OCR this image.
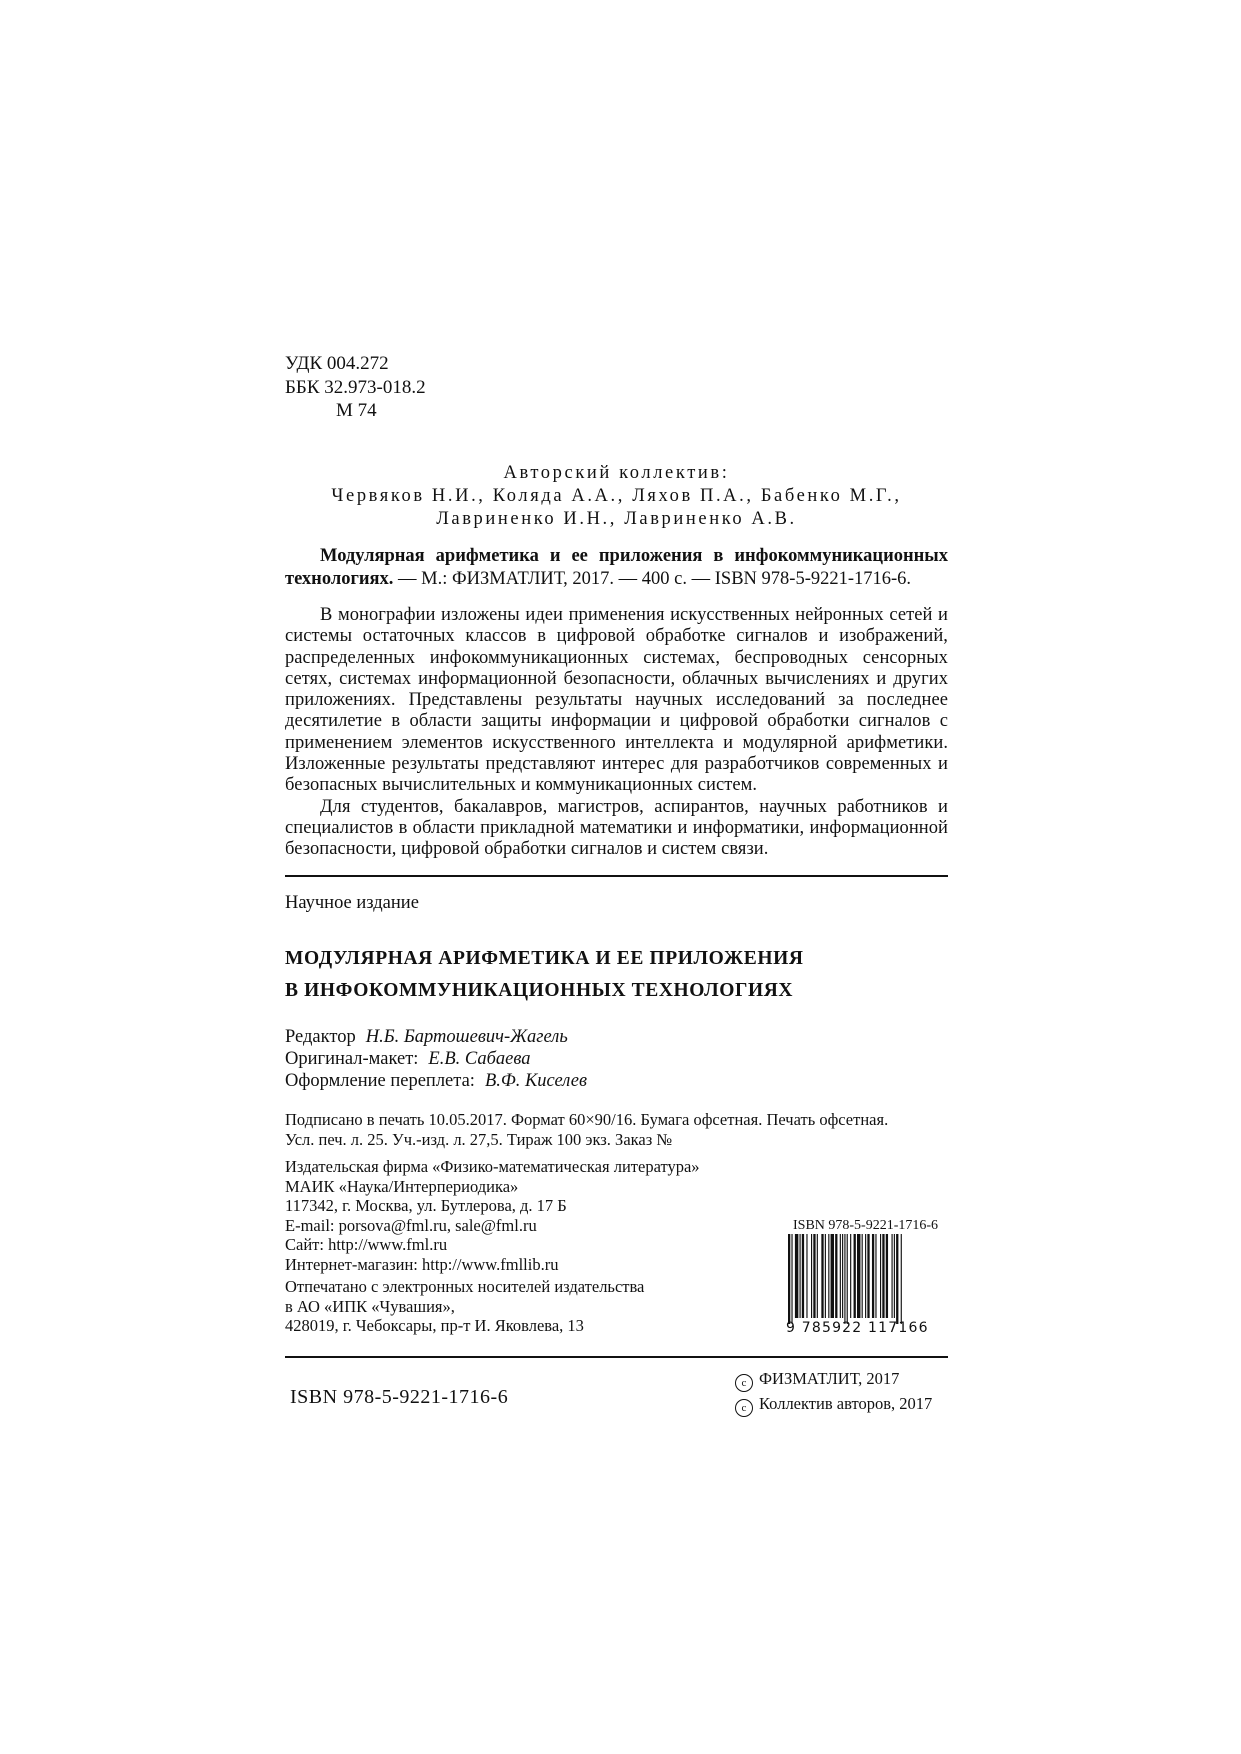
УДК 004.272
ББК 32.973-018.2
М 74
Авторский коллектив:
Червяков Н.И., Коляда А.А., Ляхов П.А., Бабенко М.Г.,
Лавриненко И.Н., Лавриненко А.В.

Модулярная арифметика и ее приложения в инфокоммуникационных технологиях. — М.: ФИЗМАТЛИТ, 2017. — 400 с. — ISBN 978-5-9221-1716-6.

В монографии изложены идеи применения искусственных нейронных сетей и системы остаточных классов в цифровой обработке сигналов и изображений, распределенных инфокоммуникационных системах, беспроводных сенсорных сетях, системах информационной безопасности, облачных вычислениях и других приложениях. Представлены результаты научных исследований за последнее десятилетие в области защиты информации и цифровой обработки сигналов с применением элементов искусственного интеллекта и модулярной арифметики. Изложенные результаты представляют интерес для разработчиков современных и безопасных вычислительных и коммуникационных систем.

Для студентов, бакалавров, магистров, аспирантов, научных работников и специалистов в области прикладной математики и информатики, информационной безопасности, цифровой обработки сигналов и систем связи.

Научное издание
МОДУЛЯРНАЯ АРИФМЕТИКА И ЕЕ ПРИЛОЖЕНИЯ
В ИНФОКОММУНИКАЦИОННЫХ ТЕХНОЛОГИЯХ
Редактор Н.Б. Бартошевич-Жагель
Оригинал-макет: Е.В. Сабаева
Оформление переплета: В.Ф. Киселев
Подписано в печать 10.05.2017. Формат 60×90/16. Бумага офсетная. Печать офсетная.
Усл. печ. л. 25. Уч.-изд. л. 27,5. Тираж 100 экз. Заказ №
Издательская фирма «Физико-математическая литература»
МАИК «Наука/Интерпериодика»
117342, г. Москва, ул. Бутлерова, д. 17 Б
E-mail: porsova@fml.ru, sale@fml.ru
Сайт: http://www.fml.ru
Интернет-магазин: http://www.fmllib.ru
Отпечатано с электронных носителей издательства
в АО «ИПК «Чувашия»,
428019, г. Чебоксары, пр-т И. Яковлева, 13
ISBN 978-5-9221-1716-6
9 785922 117166
ISBN 978-5-9221-1716-6
c ФИЗМАТЛИТ, 2017
c Коллектив авторов, 2017
